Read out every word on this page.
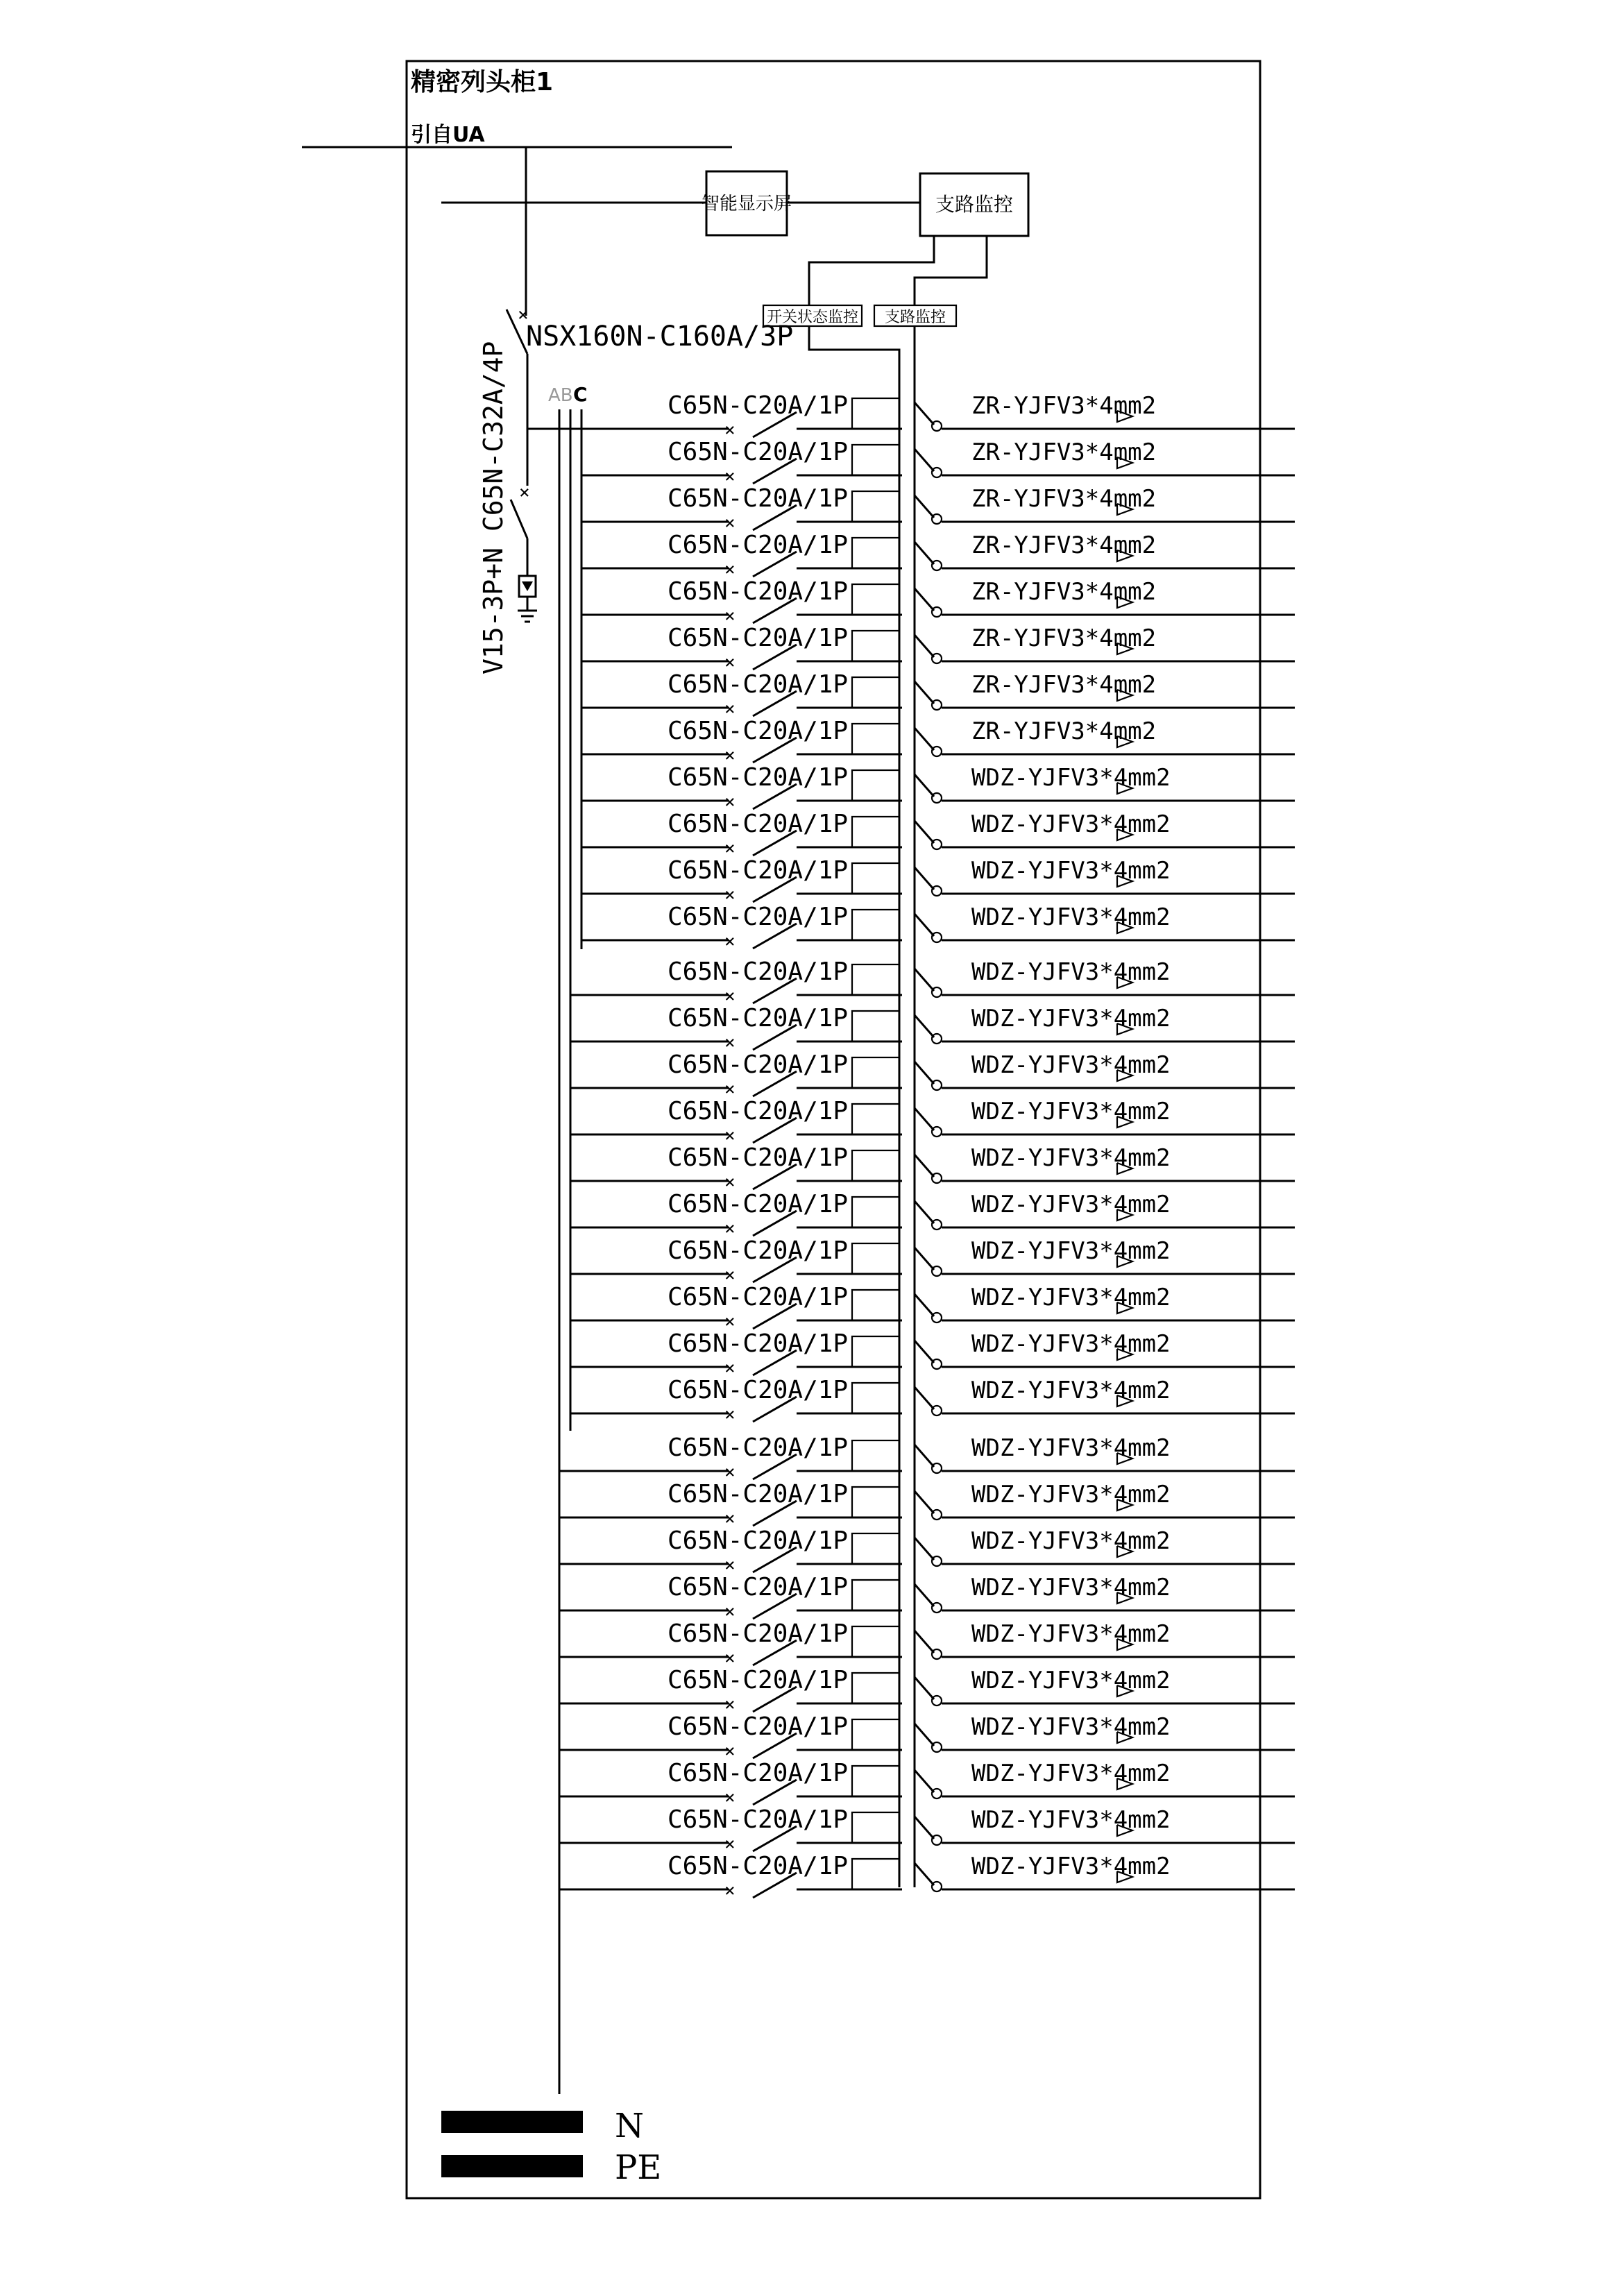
精密列头柜1
引自UA
智能显示屏	支路监控
开关状态监控 支路监控
×
NSX160N-C160A/3P
×
V15-3P+N C65N-C32A/4P AB C
×
C65N-C20A/1P	ZR-YJFV3*4mm2
×
C65N-C20A/1P	ZR-YJFV3*4mm2
×
C65N-C20A/1P	ZR-YJFV3*4mm2
×
C65N-C20A/1P	ZR-YJFV3*4mm2
×
C65N-C20A/1P	ZR-YJFV3*4mm2
×
C65N-C20A/1P	ZR-YJFV3*4mm2
×
C65N-C20A/1P	ZR-YJFV3*4mm2
×
C65N-C20A/1P	ZR-YJFV3*4mm2
×
C65N-C20A/1P	WDZ-YJFV3*4mm2
×
C65N-C20A/1P	WDZ-YJFV3*4mm2
×
C65N-C20A/1P	WDZ-YJFV3*4mm2
×
C65N-C20A/1P	WDZ-YJFV3*4mm2
×
C65N-C20A/1P	WDZ-YJFV3*4mm2
×
C65N-C20A/1P	WDZ-YJFV3*4mm2
×
C65N-C20A/1P	WDZ-YJFV3*4mm2
×
C65N-C20A/1P	WDZ-YJFV3*4mm2
×
C65N-C20A/1P	WDZ-YJFV3*4mm2
×
C65N-C20A/1P	WDZ-YJFV3*4mm2
×
C65N-C20A/1P	WDZ-YJFV3*4mm2
×
C65N-C20A/1P	WDZ-YJFV3*4mm2
×
C65N-C20A/1P	WDZ-YJFV3*4mm2
×
C65N-C20A/1P	WDZ-YJFV3*4mm2
×
C65N-C20A/1P	WDZ-YJFV3*4mm2
×
C65N-C20A/1P	WDZ-YJFV3*4mm2
×
C65N-C20A/1P	WDZ-YJFV3*4mm2
×
C65N-C20A/1P	WDZ-YJFV3*4mm2
×
C65N-C20A/1P	WDZ-YJFV3*4mm2
×
C65N-C20A/1P	WDZ-YJFV3*4mm2
×
C65N-C20A/1P	WDZ-YJFV3*4mm2
×
C65N-C20A/1P	WDZ-YJFV3*4mm2
×
C65N-C20A/1P	WDZ-YJFV3*4mm2
×
C65N-C20A/1P	WDZ-YJFV3*4mm2
N
PE
